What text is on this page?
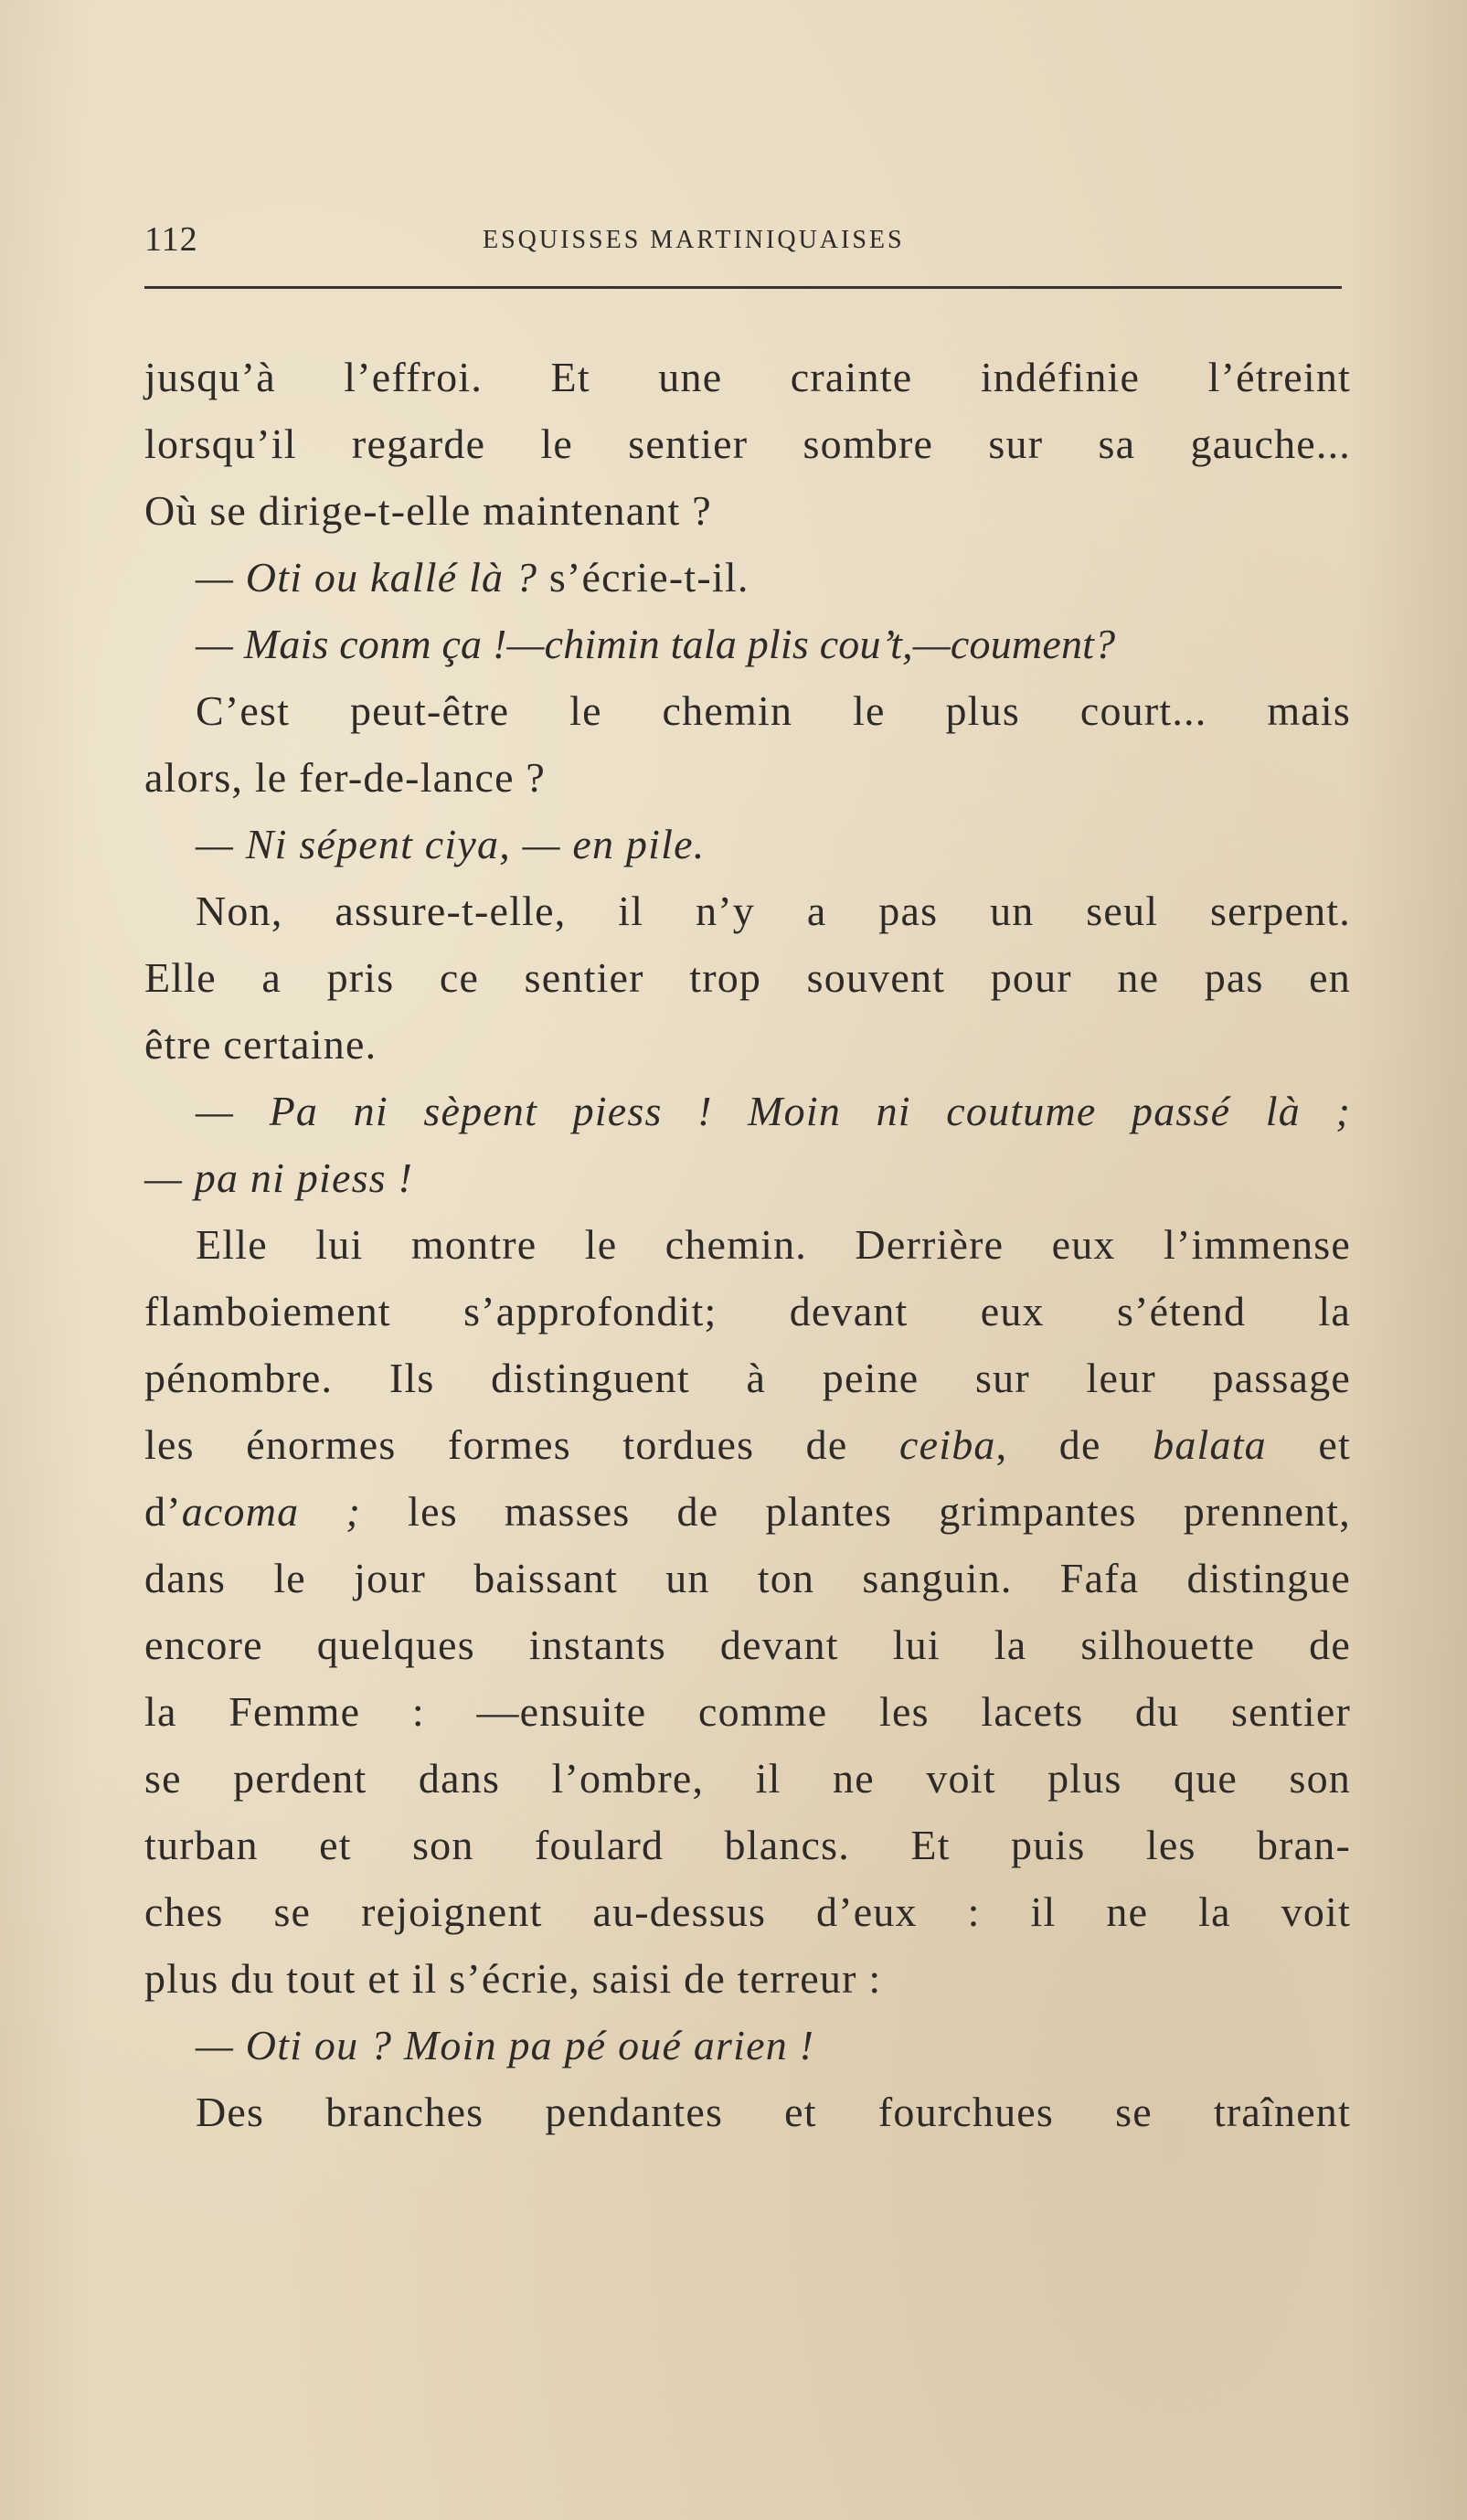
112	ESQUISSES MARTINIQUAISES
jusqu’à l’effroi. Et une crainte indéfinie l’étreint
lorsqu’il regarde le sentier sombre sur sa gauche...
Où se dirige-t-elle maintenant ?
— Oti ou kallé là ? s’écrie-t-il.
— Mais conm ça !—chimin tala plis cou’t,—coument?
C’est peut-être le chemin le plus court... mais
alors, le fer-de-lance ?
— Ni sépent ciya, — en pile.
Non, assure-t-elle, il n’y a pas un seul serpent.
Elle a pris ce sentier trop souvent pour ne pas en
être certaine.
— Pa ni sèpent piess ! Moin ni coutume passé là ;
— pa ni piess !
Elle lui montre le chemin. Derrière eux l’immense
flamboiement s’approfondit; devant eux s’étend la
pénombre. Ils distinguent à peine sur leur passage
les énormes formes tordues de ceiba, de balata et
d’acoma ; les masses de plantes grimpantes prennent,
dans le jour baissant un ton sanguin. Fafa distingue
encore quelques instants devant lui la silhouette de
la Femme : —ensuite comme les lacets du sentier
se perdent dans l’ombre, il ne voit plus que son
turban et son foulard blancs. Et puis les bran-
ches se rejoignent au-dessus d’eux : il ne la voit
plus du tout et il s’écrie, saisi de terreur :
— Oti ou ? Moin pa pé oué arien !
Des branches pendantes et fourchues se traînent
